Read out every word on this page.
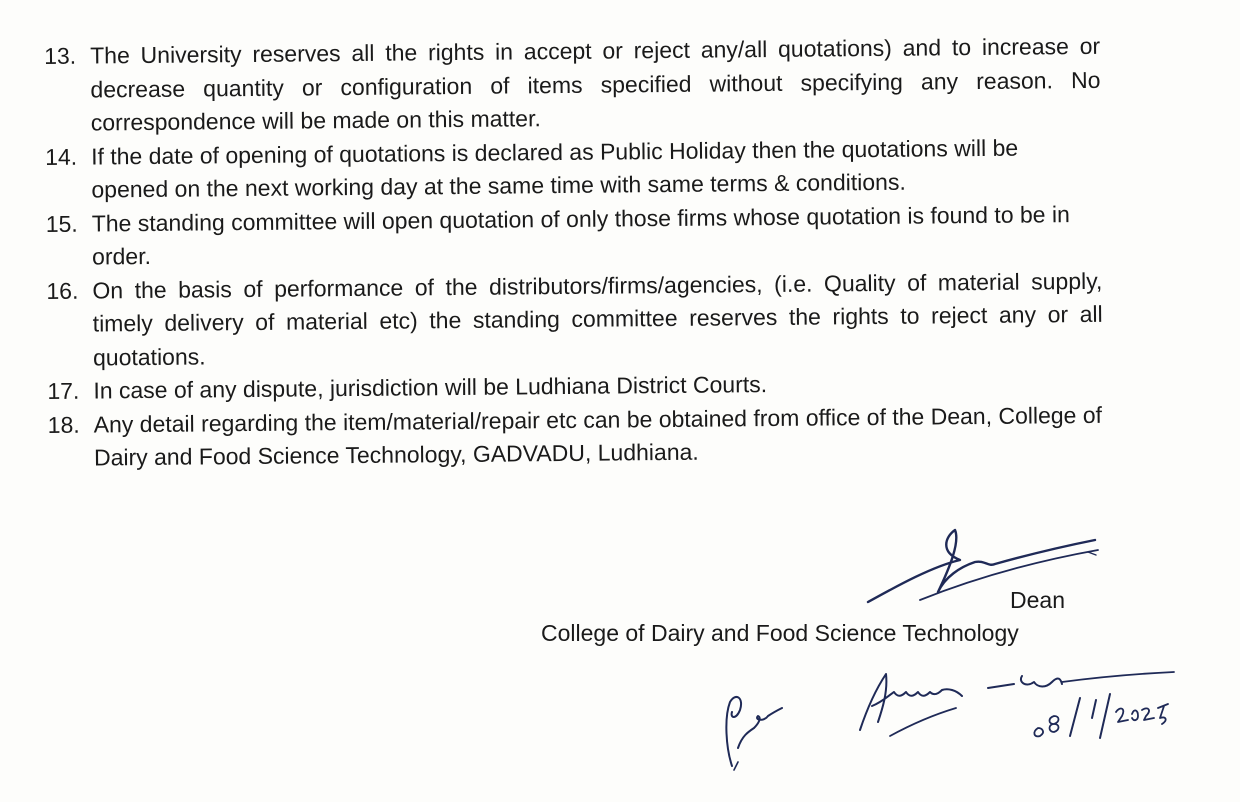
13. The University reserves all the rights in accept or reject any/all quotations) and to increase or decrease quantity or configuration of items specified without specifying any reason. No correspondence will be made on this matter.
14. If the date of opening of quotations is declared as Public Holiday then the quotations will be opened on the next working day at the same time with same terms & conditions.
15. The standing committee will open quotation of only those firms whose quotation is found to be in order.
16. On the basis of performance of the distributors/firms/agencies, (i.e. Quality of material supply, timely delivery of material etc) the standing committee reserves the rights to reject any or all quotations.
17. In case of any dispute, jurisdiction will be Ludhiana District Courts.
18. Any detail regarding the item/material/repair etc can be obtained from office of the Dean, College of Dairy and Food Science Technology, GADVADU, Ludhiana.
Dean
College of Dairy and Food Science Technology
